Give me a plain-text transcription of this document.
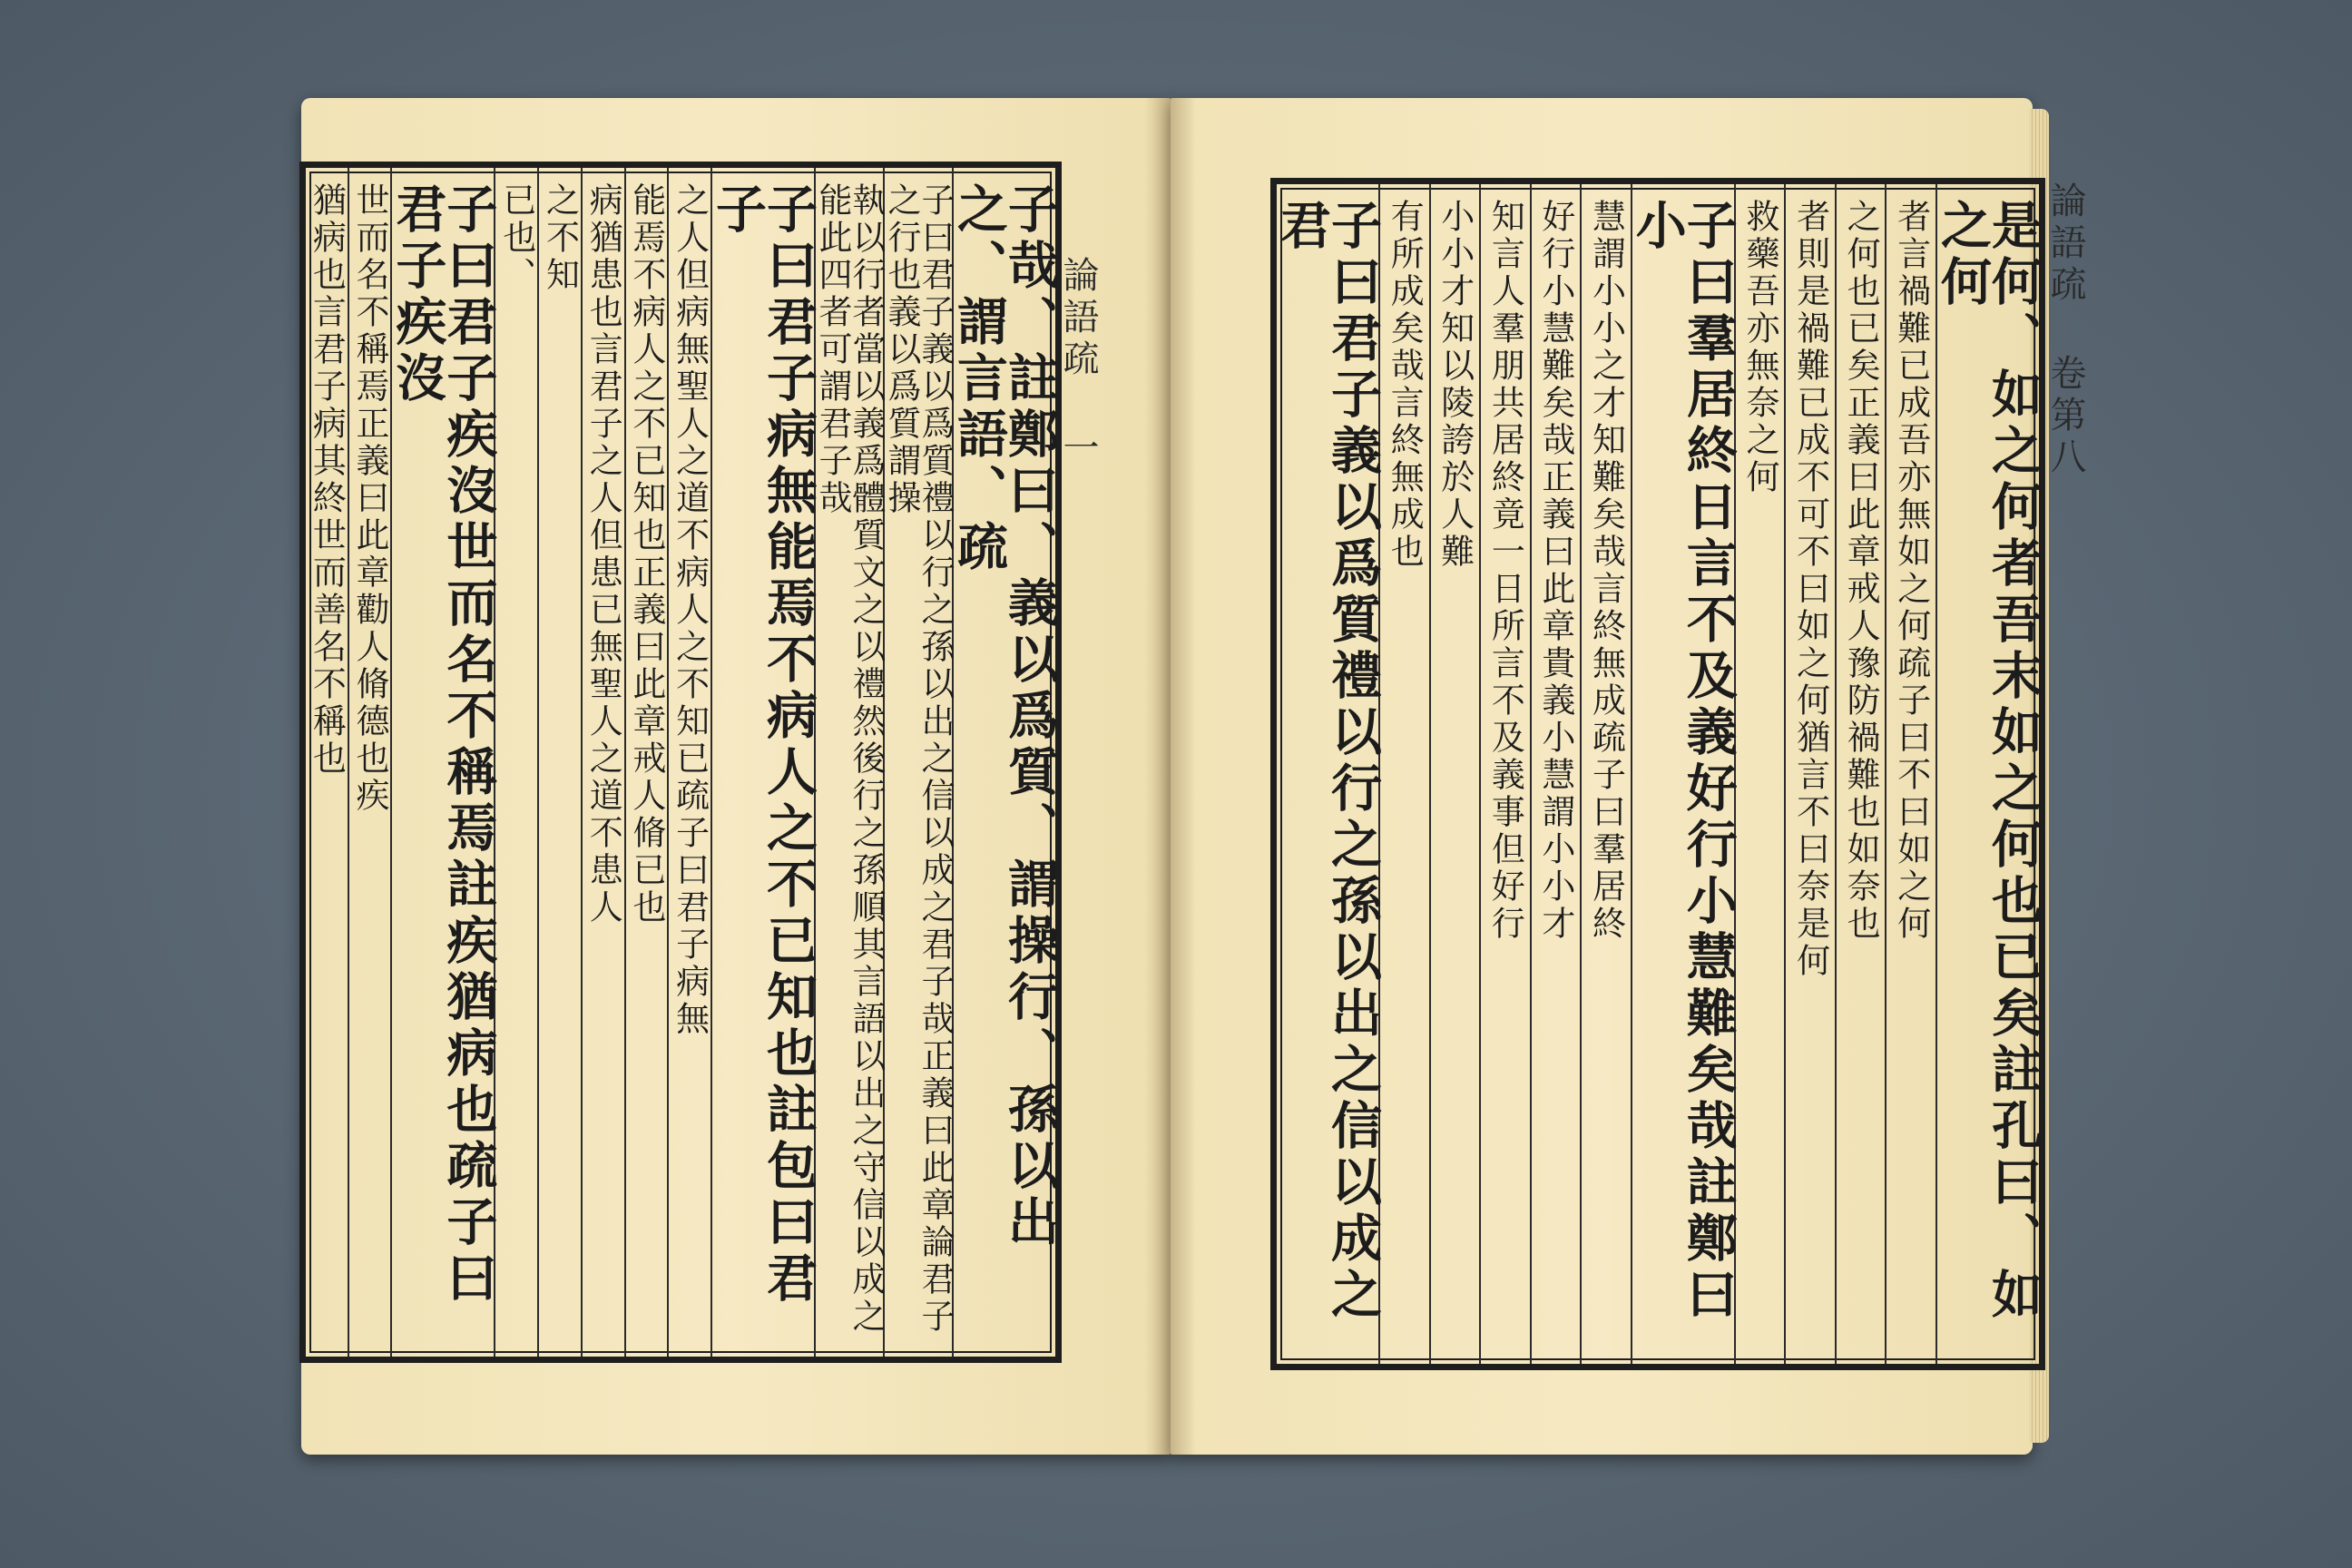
論語疏 一	論語疏 卷第八
子哉、註鄭曰、義以爲質、謂操行、孫以出之、謂言語、疏
子曰君子義以爲質禮以行之孫以出之信以成之君子哉正義曰此章論君子之行也義以爲質謂操
執以行者當以義爲體質文之以禮然後行之孫順其言語以出之守信以成之能此四者可謂君子哉
子曰君子病無能焉不病人之不已知也註包曰君子
之人但病無聖人之道不病人之不知已疏子曰君子病無
能焉不病人之不已知也正義曰此章戒人脩已也
病猶患也言君子之人但患已無聖人之道不患人
之不知
已也、
子曰君子疾沒世而名不稱焉註疾猶病也疏子曰君子疾沒
世而名不稱焉正義曰此章勸人脩德也疾
猶病也言君子病其終世而善名不稱也	是何、如之何者吾末如之何也已矣註孔曰、如之何
者言禍難已成吾亦無如之何疏子曰不曰如之何
之何也已矣正義曰此章戒人豫防禍難也如奈也
者則是禍難已成不可不曰如之何猶言不曰奈是何
救藥吾亦無奈之何
子曰羣居終日言不及義好行小慧難矣哉註鄭曰小
慧謂小小之才知難矣哉言終無成疏子曰羣居終
好行小慧難矣哉正義曰此章貴義小慧謂小小才
知言人羣朋共居終竟一日所言不及義事但好行
小小才知以陵誇於人難
有所成矣哉言終無成也
子曰君子義以爲質禮以行之孫以出之信以成之君
